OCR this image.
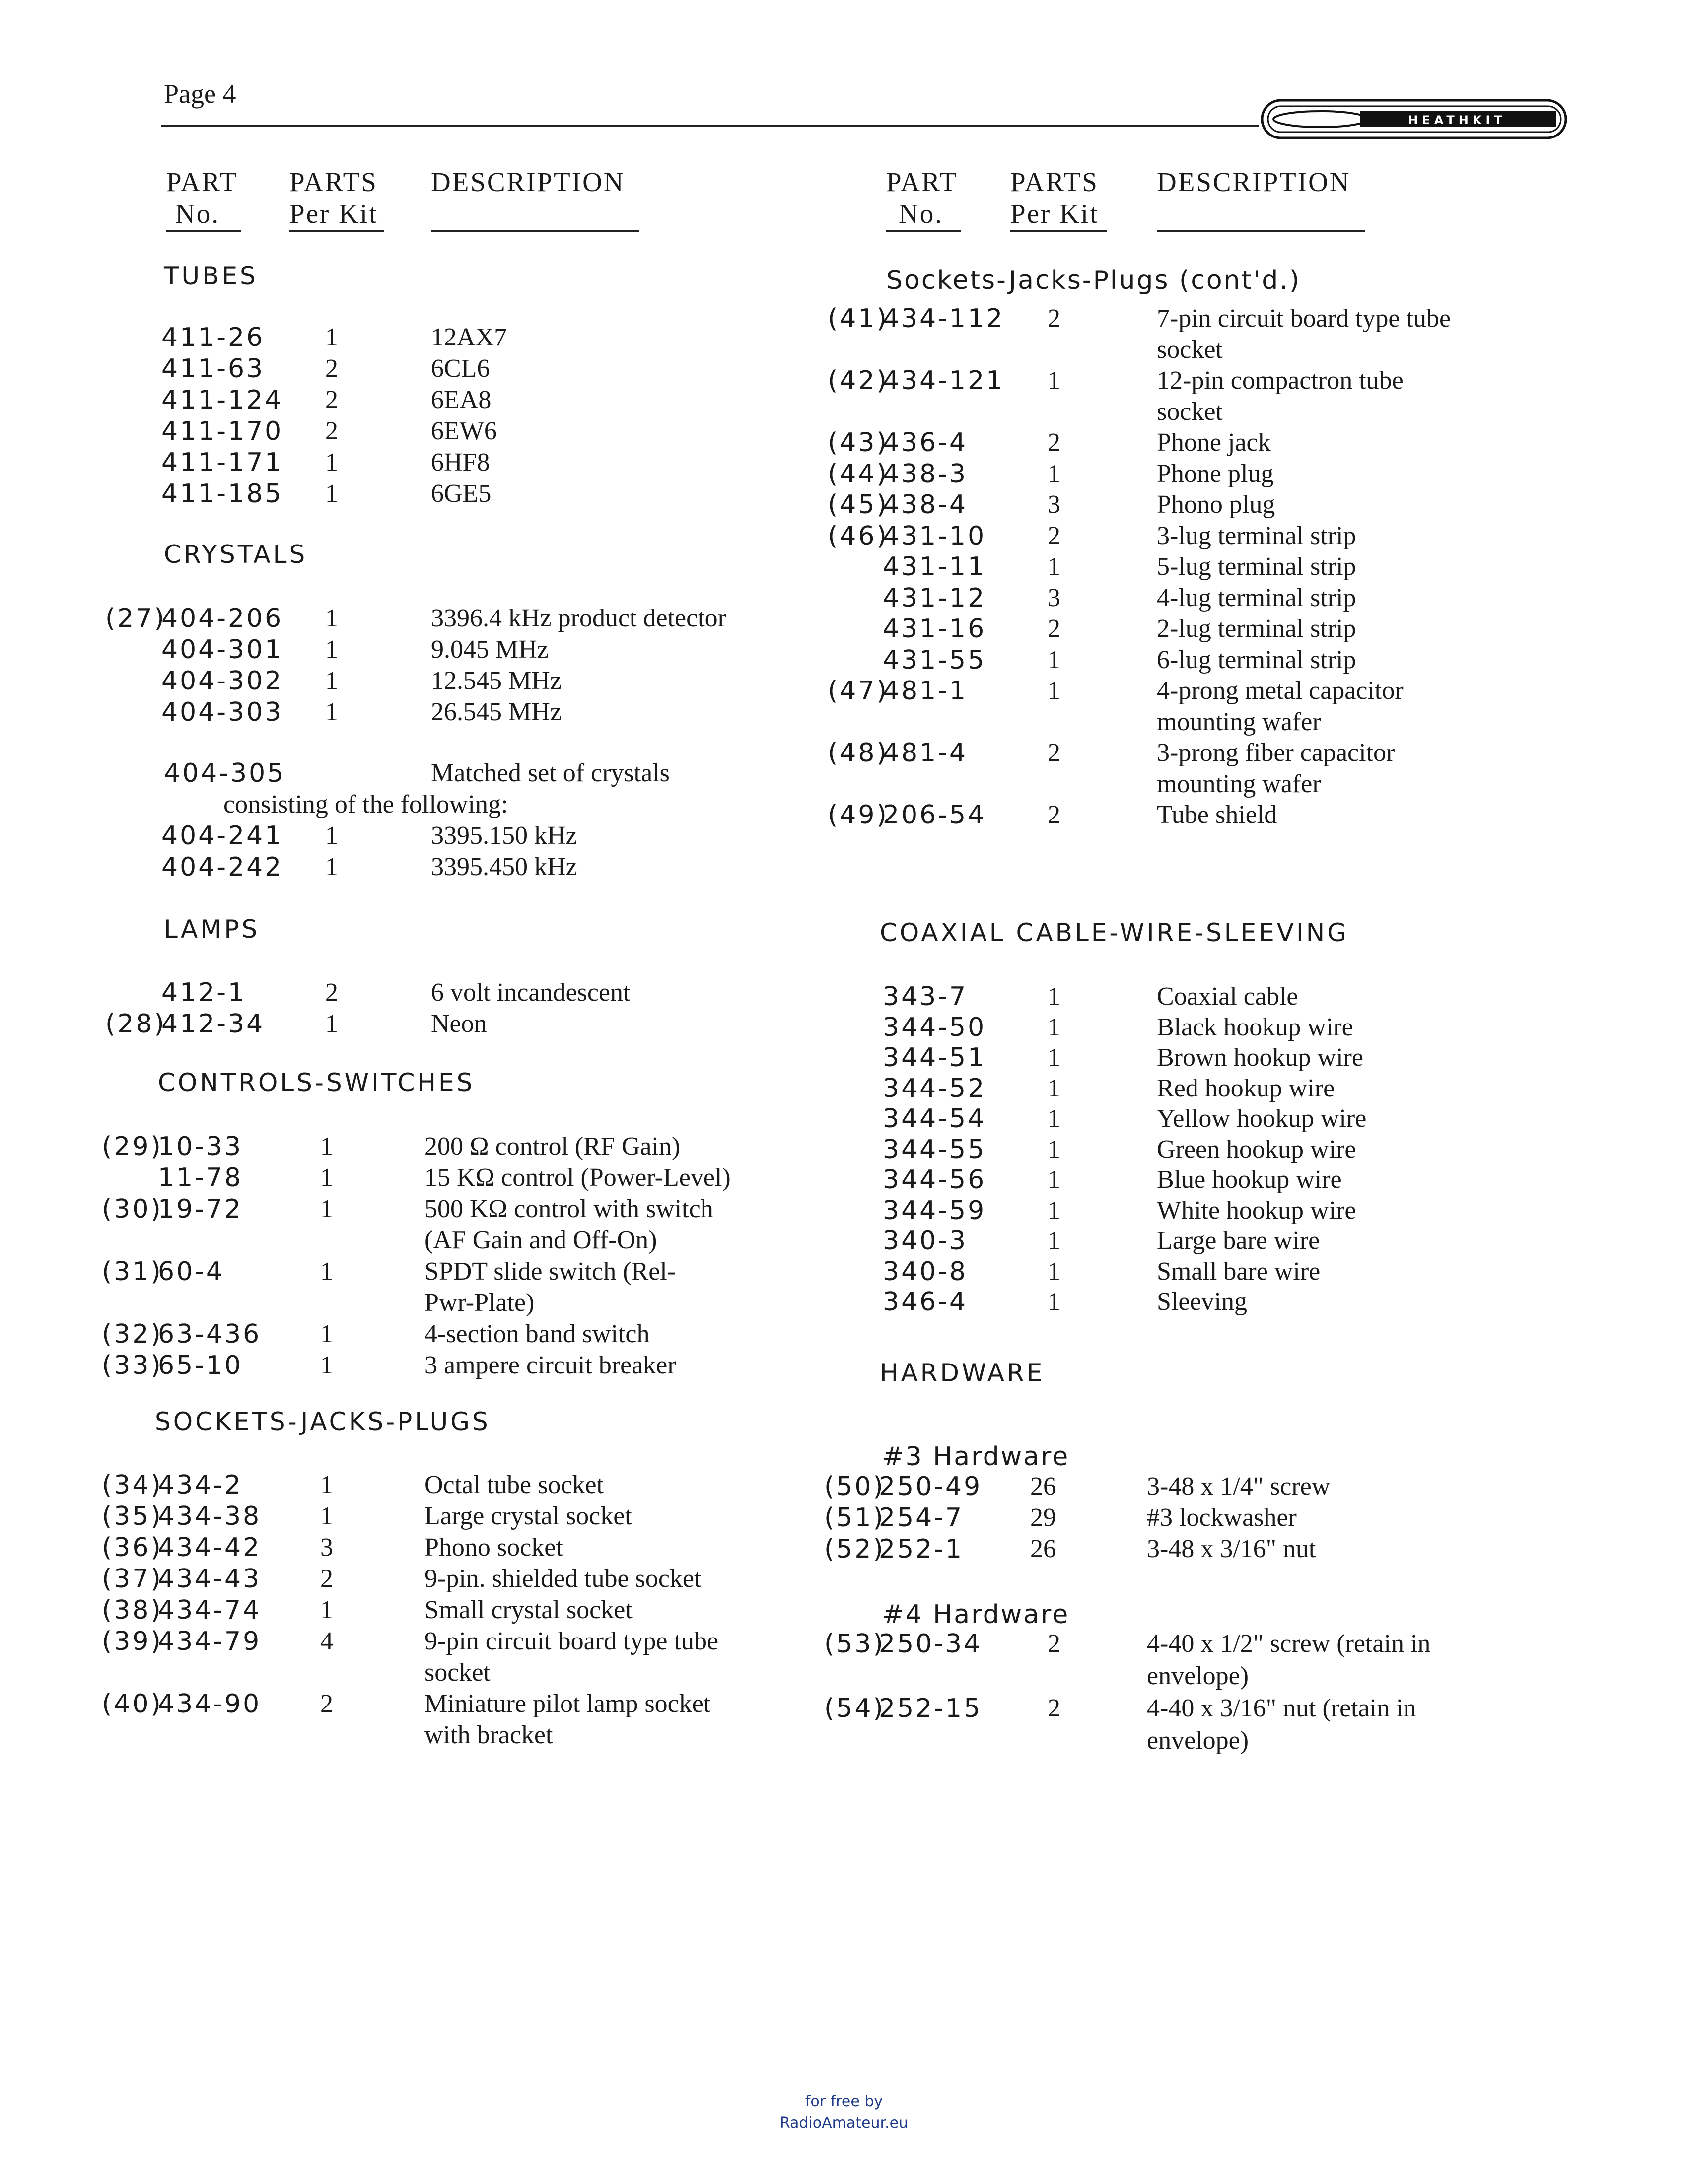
Page 4
HEATHKIT
PART
No.
PARTS
Per Kit
DESCRIPTION	PART
No.
PARTS
Per Kit
DESCRIPTION
TUBES
411-26 1	12AX7
411-63 2	6CL6
411-124 2	6EA8
411-170 2	6EW6
411-171 1	6HF8
411-185 1	6GE5
CRYSTALS
(27)
404-206 1	3396.4 kHz product detector
404-301 1	9.045 MHz
404-302 1	12.545 MHz
404-303 1	26.545 MHz
404-305	Matched set of crystals
consisting of the following:
404-241 1	3395.150 kHz
404-242 1	3395.450 kHz
LAMPS
412-1	2	6 volt incandescent
(28)
412-34 1	Neon
CONTROLS-SWITCHES
(29)
10-33	1	200 Ω control (RF Gain)
11-78	1	15 KΩ control (Power-Level)
(30)
19-72	1	500 KΩ control with switch
(AF Gain and Off-On)
(31)
60-4	1	SPDT slide switch (Rel-
Pwr-Plate)
(32)
63-436 1	4-section band switch
(33)
65-10	1	3 ampere circuit breaker
SOCKETS-JACKS-PLUGS
(34)
434-2	1	Octal tube socket
(35)
434-38 1	Large crystal socket
(36)
434-42 3	Phono socket
(37)
434-43 2	9-pin. shielded tube socket
(38)
434-74 1	Small crystal socket
(39)
434-79 4	9-pin circuit board type tube
socket
(40)
434-90 2	Miniature pilot lamp socket
with bracket
Sockets-Jacks-Plugs (cont'd.)
(41)
434-112 2	7-pin circuit board type tube
socket
(42)
434-121 1	12-pin compactron tube
socket
(43)
436-4	2	Phone jack
(44)
438-3	1	Phone plug
(45)
438-4	3	Phono plug
(46)
431-10 2	3-lug terminal strip
431-11 1	5-lug terminal strip
431-12 3	4-lug terminal strip
431-16 2	2-lug terminal strip
431-55 1	6-lug terminal strip
(47)
481-1	1	4-prong metal capacitor
mounting wafer
(48)
481-4	2	3-prong fiber capacitor
mounting wafer
(49)
206-54 2	Tube shield
COAXIAL CABLE-WIRE-SLEEVING
343-7	1	Coaxial cable
344-50 1	Black hookup wire
344-51 1	Brown hookup wire
344-52 1	Red hookup wire
344-54 1	Yellow hookup wire
344-55 1	Green hookup wire
344-56 1	Blue hookup wire
344-59 1	White hookup wire
340-3	1	Large bare wire
340-8	1	Small bare wire
346-4	1	Sleeving
HARDWARE
#3 Hardware
(50)
250-49 26	3-48 x 1/4" screw
(51)
254-7	29	#3 lockwasher
(52)
252-1	26	3-48 x 3/16" nut
#4 Hardware
(53)
250-34	2	4-40 x 1/2" screw (retain in
envelope)
(54)
252-15	2	4-40 x 3/16" nut (retain in
envelope)
for free by
RadioAmateur.eu
